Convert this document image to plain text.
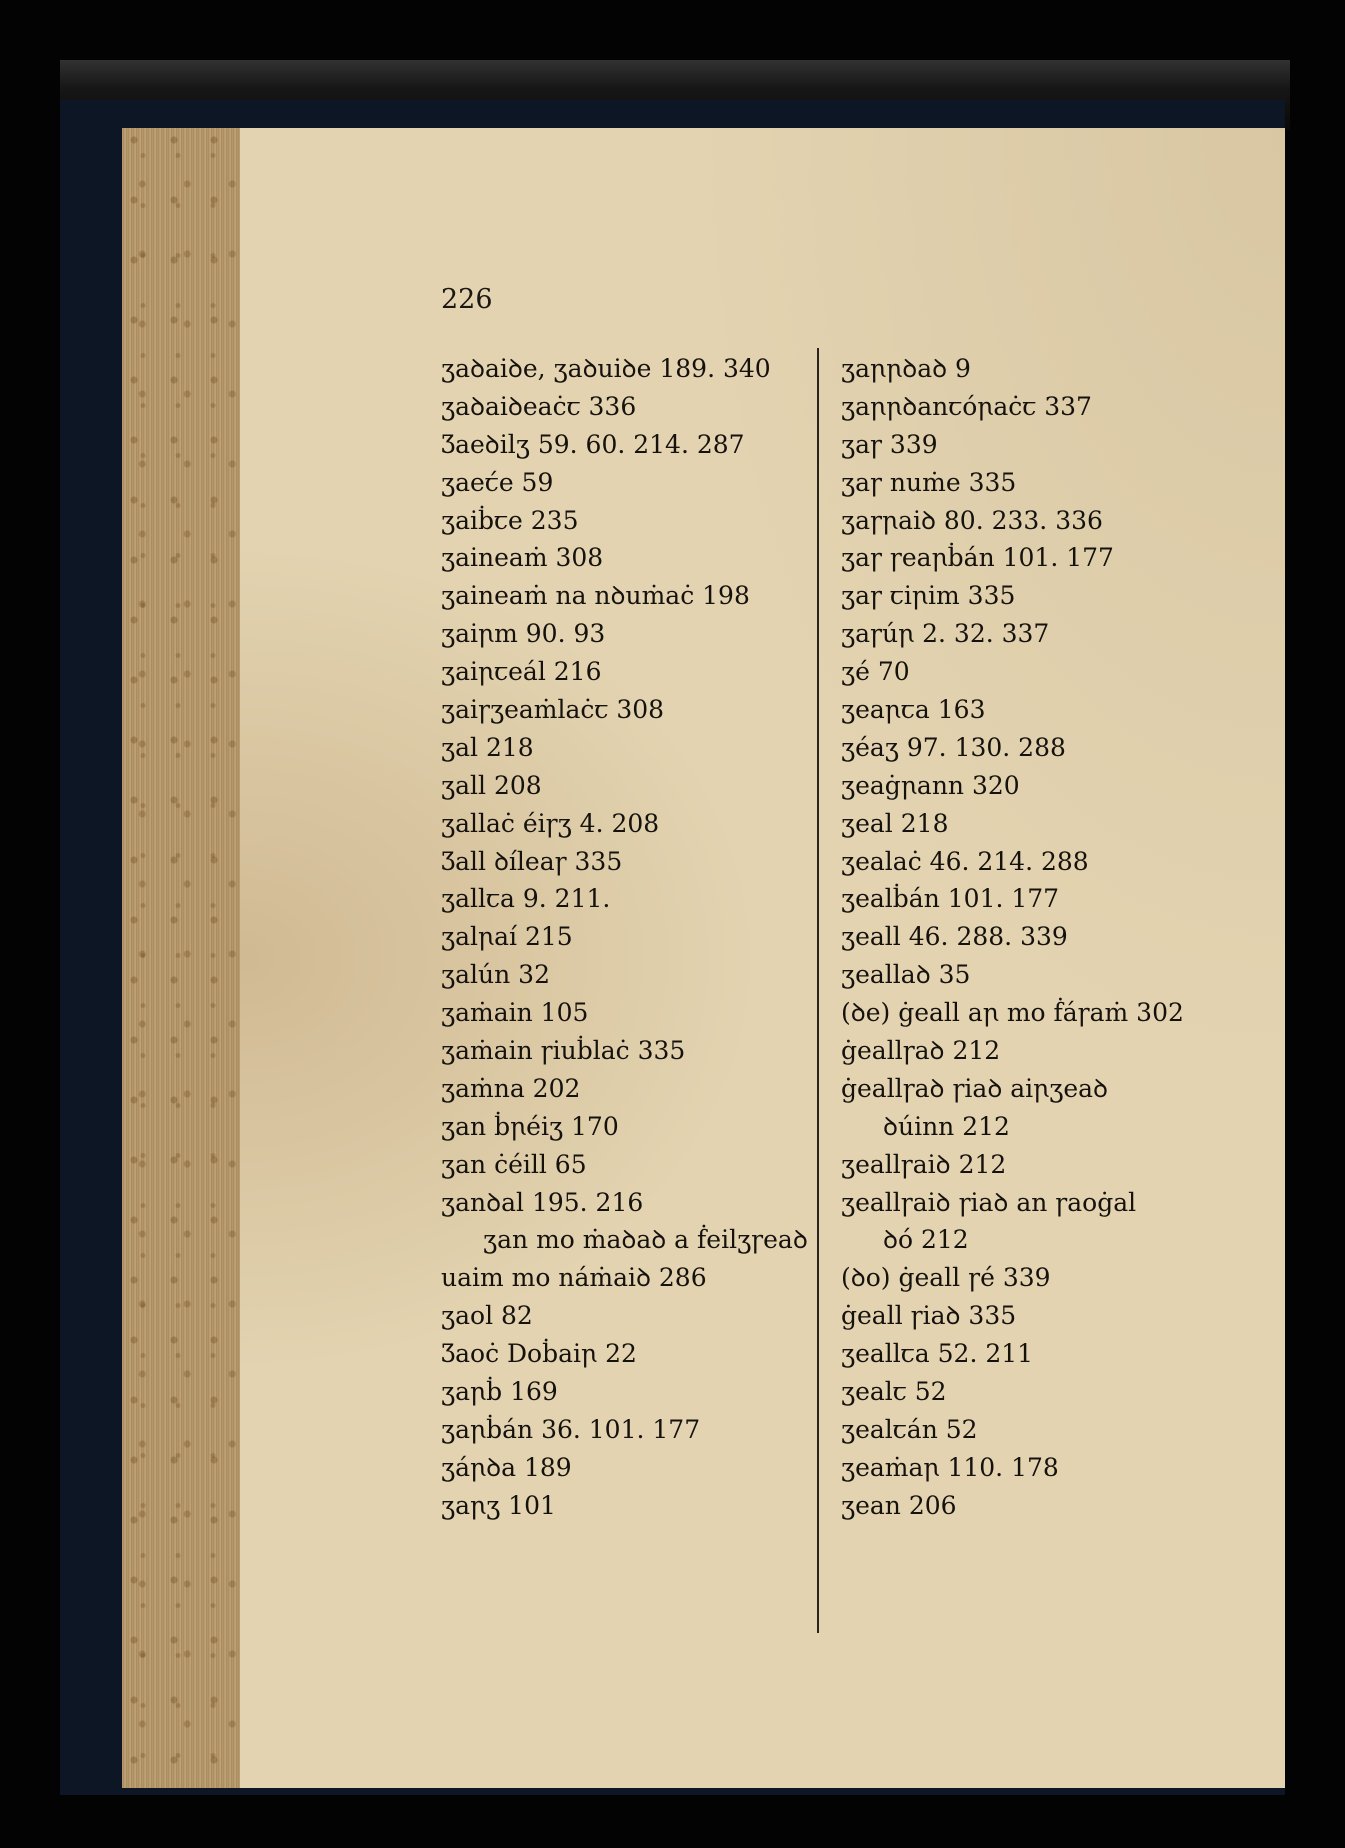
226

ʒaꝺaiꝺe, ʒaꝺuiꝺe 189. 340
ʒaꝺaiꝺeaċꞇ 336
Ʒaeꝺilʒ 59. 60. 214. 287
ʒaeꞇ́e 59
ʒaiḃꞇe 235
ʒaineaṁ 308
ʒaineaṁ na nꝺuṁaċ 198
ʒaiꞃm 90. 93
ʒaiꞃꞇeál 216
ʒaiꞅʒeaṁlaċꞇ 308
ʒal 218
ʒall 208
ʒallaċ éiꞅʒ 4. 208
Ʒall ꝺíleaꞅ 335
ʒallꞇa 9. 211.
ʒalꞃaí 215
ʒalún 32
ʒaṁain 105
ʒaṁain ꞅiuḃlaċ 335
ʒaṁna 202
ʒan ḃꞃéiʒ 170
ʒan ċéill 65
ʒanꝺal 195. 216
ʒan mo ṁaꝺaꝺ a ḟeilʒꞅeaꝺ
uaim mo náṁaiꝺ 286
ʒaol 82
Ʒaoċ Doḃaiꞃ 22
ʒaꞃḃ 169
ʒaꞃḃán 36. 101. 177
ʒáꞃꝺa 189
ʒaꞃʒ 101
ʒaꞃꞃꝺaꝺ 9
ʒaꞃꞃꝺanꞇóꞃaċꞇ 337
ʒaꞅ 339
ʒaꞅ nuṁe 335
ʒaꞅꞃaiꝺ 80. 233. 336
ʒaꞅ ꞅeaꞃḃán 101. 177
ʒaꞅ ꞇiꞃim 335
ʒaꞅúꞃ 2. 32. 337
ʒé 70
ʒeaꞃꞇa 163
ʒéaʒ 97. 130. 288
ʒeaġꞃann 320
ʒeal 218
ʒealaċ 46. 214. 288
ʒealḃán 101. 177
ʒeall 46. 288. 339
ʒeallaꝺ 35
(ꝺe) ġeall aꞃ mo ḟáꞅaṁ 302
ġeallꞅaꝺ 212
ġeallꞅaꝺ ꞅiaꝺ aiꞃʒeaꝺ
ꝺúinn 212
ʒeallꞅaiꝺ 212
ʒeallꞅaiꝺ ꞅiaꝺ an ꞅaoġal
ꝺó 212
(ꝺo) ġeall ꞅé 339
ġeall ꞅiaꝺ 335
ʒeallꞇa 52. 211
ʒealꞇ 52
ʒealꞇán 52
ʒeaṁaꞃ 110. 178
ʒean 206
